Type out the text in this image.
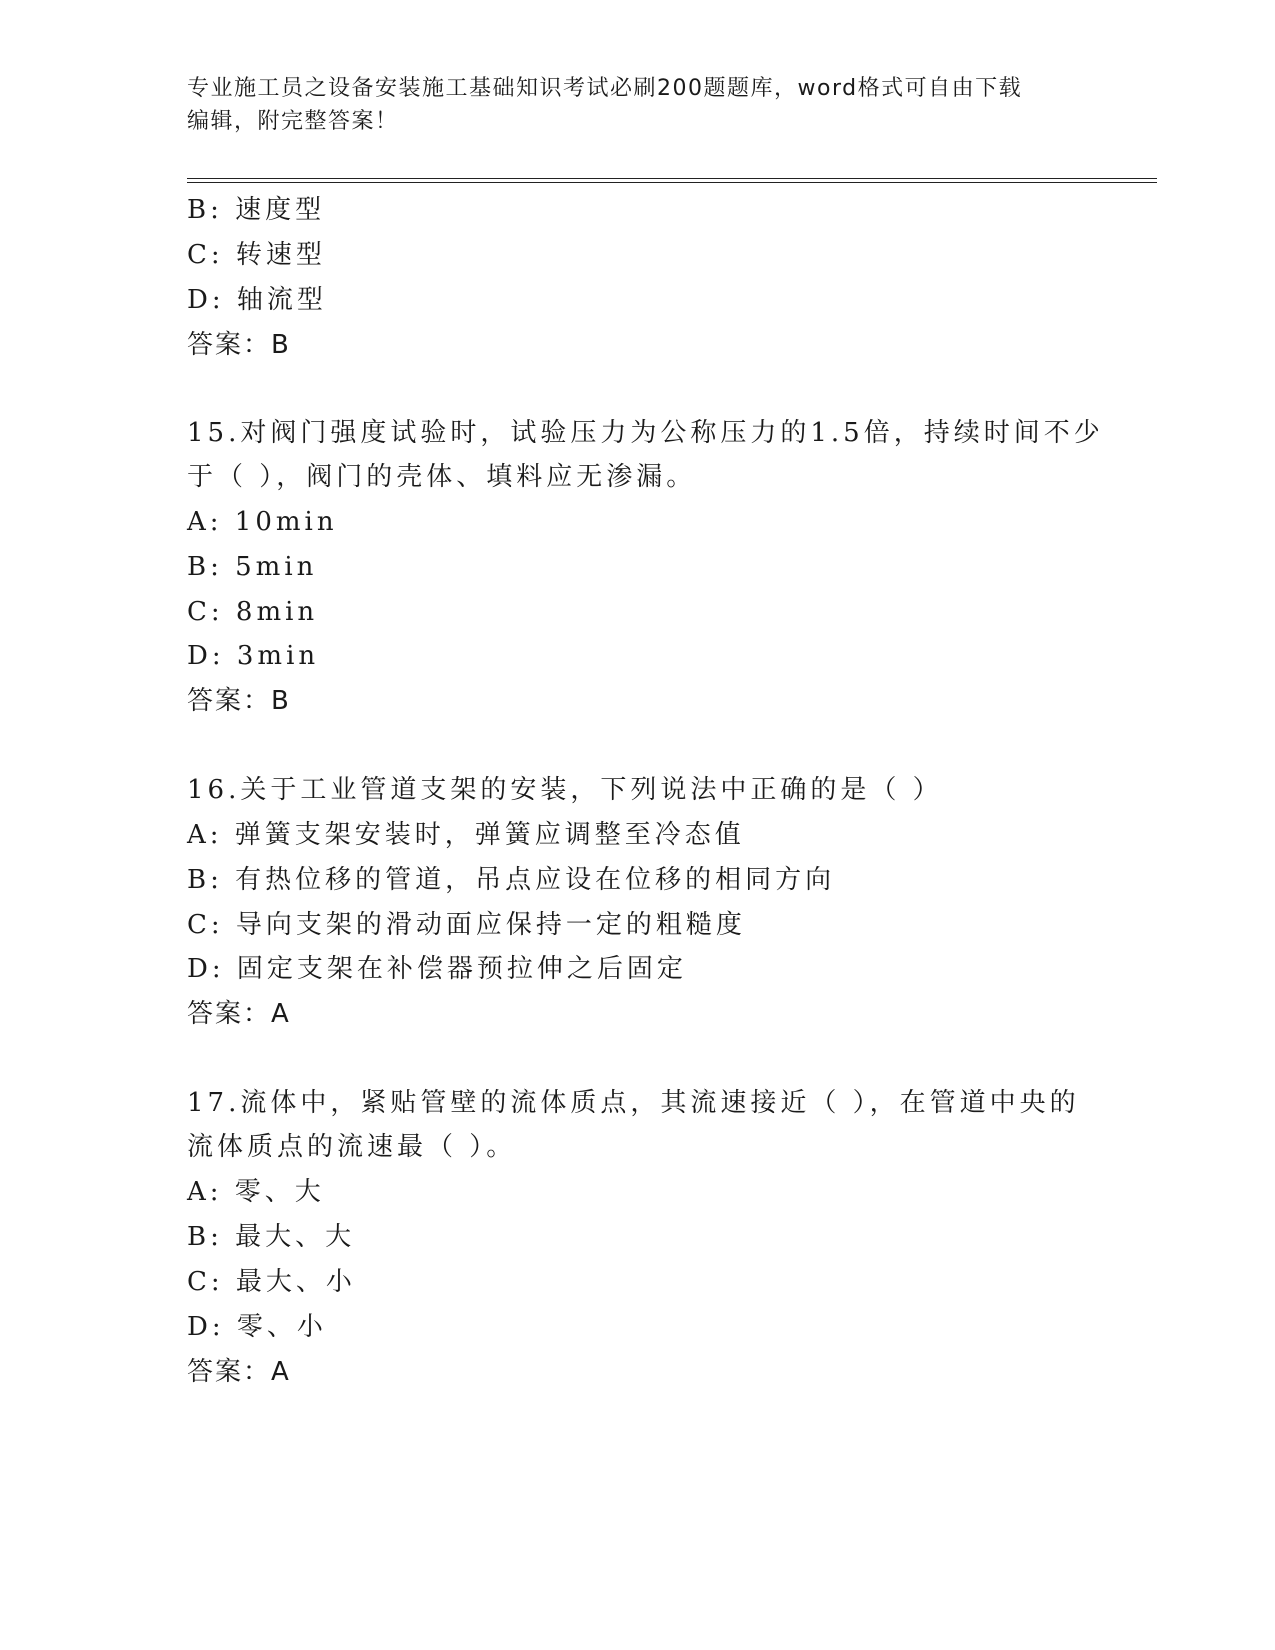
专业施工员之设备安装施工基础知识考试必刷200题题库，word格式可自由下载
编辑，附完整答案！
B: 速度型
C: 转速型
D: 轴流型
答案：B
15.对阀门强度试验时，试验压力为公称压力的1.5倍，持续时间不少
于（ ），阀门的壳体、填料应无渗漏。
A: 10min
B: 5min
C: 8min
D: 3min
答案：B
16.关于工业管道支架的安装，下列说法中正确的是（ ）
A: 弹簧支架安装时，弹簧应调整至冷态值
B: 有热位移的管道，吊点应设在位移的相同方向
C: 导向支架的滑动面应保持一定的粗糙度
D: 固定支架在补偿器预拉伸之后固定
答案：A
17.流体中，紧贴管壁的流体质点，其流速接近（ ），在管道中央的
流体质点的流速最（ ）。
A: 零、大
B: 最大、大
C: 最大、小
D: 零、小
答案：A
